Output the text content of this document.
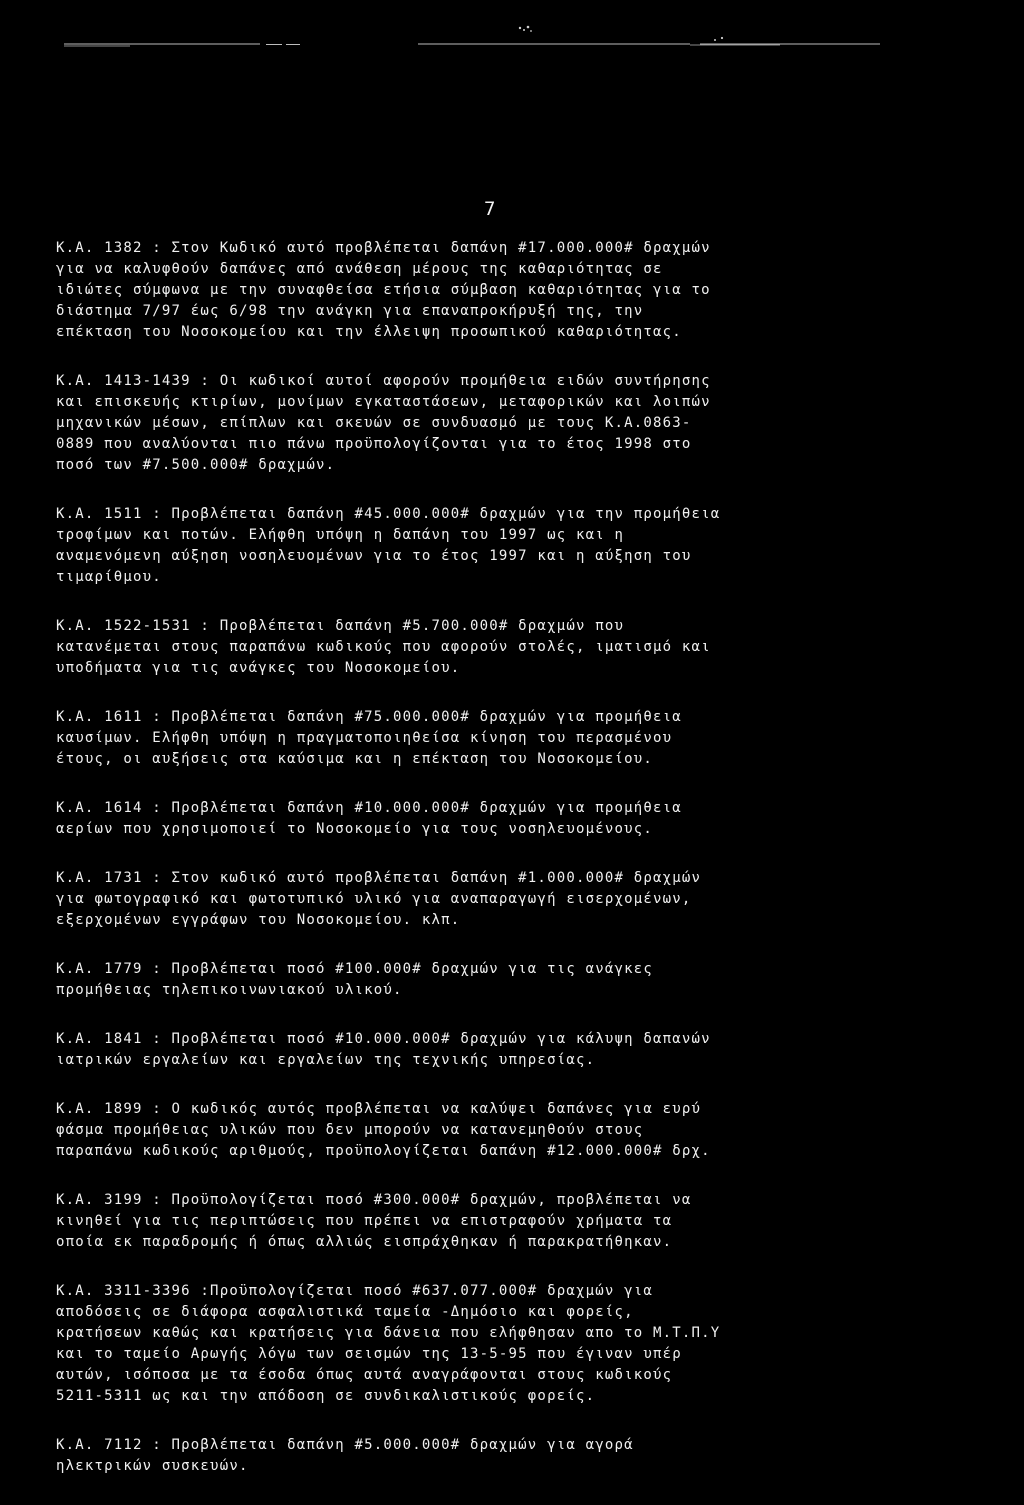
7

Κ.Α. 1382 : Στον Κωδικό αυτό προβλέπεται δαπάνη #17.000.000# δραχμών

για να καλυφθούν δαπάνες από ανάθεση μέρους της καθαριότητας σε

ιδιώτες σύμφωνα με την συναφθείσα ετήσια σύμβαση καθαριότητας για το

διάστημα 7/97 έως 6/98 την ανάγκη για επαναπροκήρυξή της, την

επέκταση του Νοσοκομείου και την έλλειψη προσωπικού καθαριότητας.

Κ.Α. 1413-1439 : Οι κωδικοί αυτοί αφορούν προμήθεια ειδών συντήρησης

και επισκευής κτιρίων, μονίμων εγκαταστάσεων, μεταφορικών και λοιπών

μηχανικών μέσων, επίπλων και σκευών σε συνδυασμό με τους Κ.Α.0863-

0889 που αναλύονται πιο πάνω προϋπολογίζονται για το έτος 1998 στο

ποσό των #7.500.000# δραχμών.

Κ.Α. 1511 : Προβλέπεται δαπάνη #45.000.000# δραχμών για την προμήθεια

τροφίμων και ποτών. Ελήφθη υπόψη η δαπάνη του 1997 ως και η

αναμενόμενη αύξηση νοσηλευομένων για το έτος 1997 και η αύξηση του

τιμαρίθμου.

Κ.Α. 1522-1531 : Προβλέπεται δαπάνη #5.700.000# δραχμών που

κατανέμεται στους παραπάνω κωδικούς που αφορούν στολές, ιματισμό και

υποδήματα για τις ανάγκες του Νοσοκομείου.

Κ.Α. 1611 : Προβλέπεται δαπάνη #75.000.000# δραχμών για προμήθεια

καυσίμων. Ελήφθη υπόψη η πραγματοποιηθείσα κίνηση του περασμένου

έτους, οι αυξήσεις στα καύσιμα και η επέκταση του Νοσοκομείου.

Κ.Α. 1614 : Προβλέπεται δαπάνη #10.000.000# δραχμών για προμήθεια

αερίων που χρησιμοποιεί το Νοσοκομείο για τους νοσηλευομένους.

Κ.Α. 1731 : Στον κωδικό αυτό προβλέπεται δαπάνη #1.000.000# δραχμών

για φωτογραφικό και φωτοτυπικό υλικό για αναπαραγωγή εισερχομένων,

εξερχομένων εγγράφων του Νοσοκομείου. κλπ.

Κ.Α. 1779 : Προβλέπεται ποσό #100.000# δραχμών για τις ανάγκες

προμήθειας τηλεπικοινωνιακού υλικού.

Κ.Α. 1841 : Προβλέπεται ποσό #10.000.000# δραχμών για κάλυψη δαπανών

ιατρικών εργαλείων και εργαλείων της τεχνικής υπηρεσίας.

Κ.Α. 1899 : Ο κωδικός αυτός προβλέπεται να καλύψει δαπάνες για ευρύ

φάσμα προμήθειας υλικών που δεν μπορούν να κατανεμηθούν στους

παραπάνω κωδικούς αριθμούς, προϋπολογίζεται δαπάνη #12.000.000# δρχ.

Κ.Α. 3199 : Προϋπολογίζεται ποσό #300.000# δραχμών, προβλέπεται να

κινηθεί για τις περιπτώσεις που πρέπει να επιστραφούν χρήματα τα

οποία εκ παραδρομής ή όπως αλλιώς εισπράχθηκαν ή παρακρατήθηκαν.

Κ.Α. 3311-3396 :Προϋπολογίζεται ποσό #637.077.000# δραχμών για

αποδόσεις σε διάφορα ασφαλιστικά ταμεία -Δημόσιο και φορείς,

κρατήσεων καθώς και κρατήσεις για δάνεια που ελήφθησαν απο το Μ.Τ.Π.Υ

και το ταμείο Αρωγής λόγω των σεισμών της 13-5-95 που έγιναν υπέρ

αυτών, ισόποσα με τα έσοδα όπως αυτά αναγράφονται στους κωδικούς

5211-5311 ως και την απόδοση σε συνδικαλιστικούς φορείς.

Κ.Α. 7112 : Προβλέπεται δαπάνη #5.000.000# δραχμών για αγορά

ηλεκτρικών συσκευών.
